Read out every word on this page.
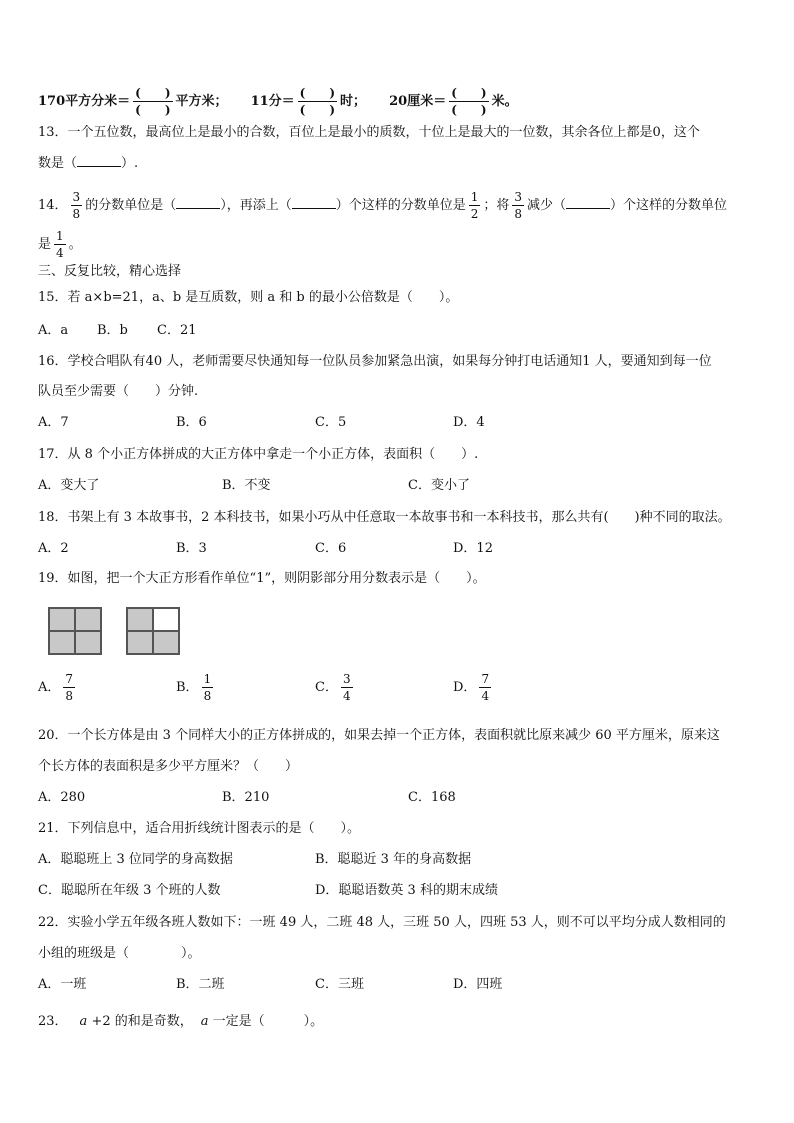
170平方分米＝ $\frac{( )}{( )}$ 平方米； 11分＝ $\frac{( )}{( )}$ 时； 20厘米＝ $\frac{( )}{( )}$ 米。
13．一个五位数，最高位上是最小的合数，百位上是最小的质数，十位上是最大的一位数，其余各位上都是0，这个
数是（	）.
14． $\frac{3}{8}$ 的分数单位是（	），再添上（	）个这样的分数单位是 $\frac{1}{2}$ ；将 $\frac{3}{8}$ 减少（	）个这样的分数单位
是 $\frac{1}{4}$ 。
三、反复比较，精心选择
15．若 a×b=21，a、b 是互质数，则 a 和 b 的最小公倍数是（　　）。
A．a B．b C．21
16．学校合唱队有40 人，老师需要尽快通知每一位队员参加紧急出演，如果每分钟打电话通知1 人，要通知到每一位
队员至少需要（　　）分钟.
A．7	B．6	C．5	D．4
17．从 8 个小正方体拼成的大正方体中拿走一个小正方体，表面积（　　）.
A．变大了	B．不变	C．变小了
18．书架上有 3 本故事书，2 本科技书，如果小巧从中任意取一本故事书和一本科技书，那么共有(　　)种不同的取法。
A．2	B．3	C．6	D．12
19．如图，把一个大正方形看作单位“1”，则阴影部分用分数表示是（　　）。
A． $\frac{7}{8}$	B． $\frac{1}{8}$	C． $\frac{3}{4}$	D． $\frac{7}{4}$
20．一个长方体是由 3 个同样大小的正方体拼成的，如果去掉一个正方体，表面积就比原来减少 60 平方厘米，原来这
个长方体的表面积是多少平方厘米？（　　）
A．280	B．210	C．168
21．下列信息中，适合用折线统计图表示的是（　　）。
A．聪聪班上 3 位同学的身高数据	B．聪聪近 3 年的身高数据
C．聪聪所在年级 3 个班的人数	D．聪聪语数英 3 科的期末成绩
22．实验小学五年级各班人数如下：一班 49 人，二班 48 人，三班 50 人，四班 53 人，则不可以平均分成人数相同的
小组的班级是（　　　　）。
A．一班	B．二班	C．三班	D．四班
23． a +2 的和是奇数， a 一定是（　　　）。
